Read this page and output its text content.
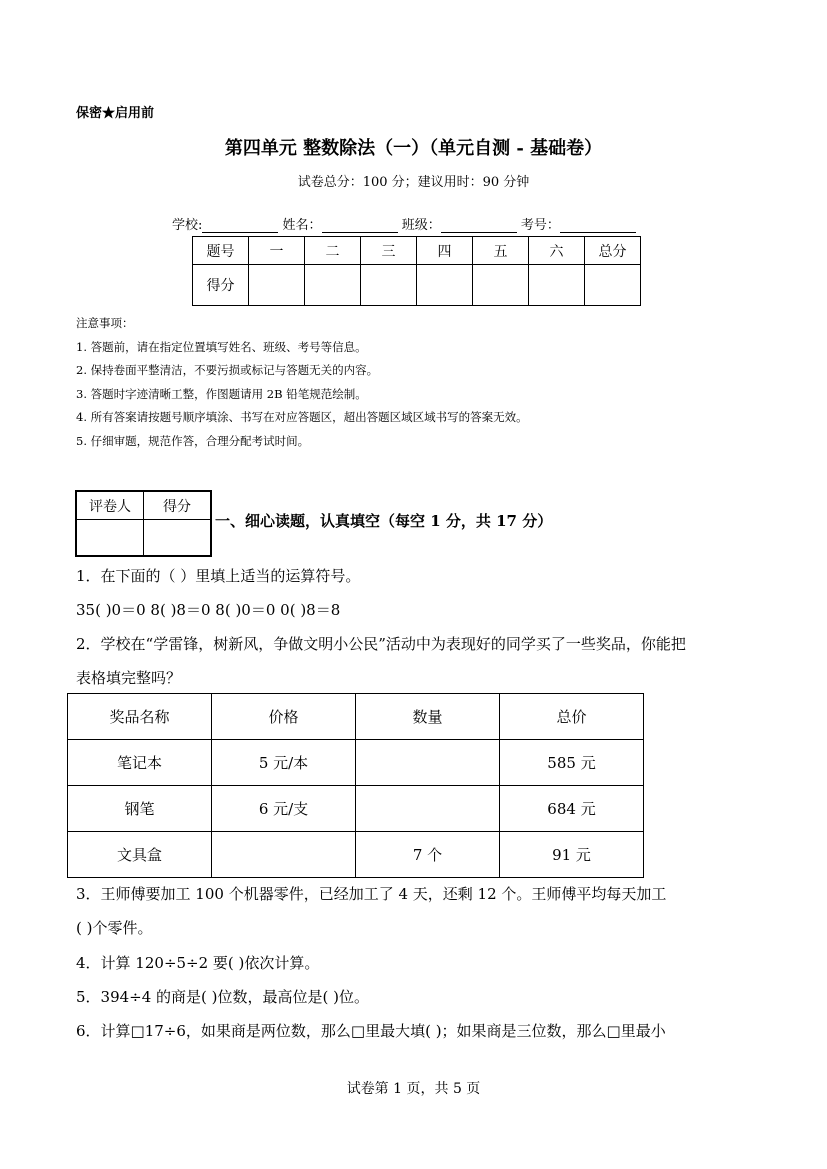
保密★启用前
第四单元 整数除法（一）（单元自测 - 基础卷）
试卷总分：100 分；建议用时：90 分钟
学校:	姓名：	班级：	考号：
题号	一	二	三	四	五	六	总分
得分							
注意事项：
1. 答题前，请在指定位置填写姓名、班级、考号等信息。
2. 保持卷面平整清洁，不要污损或标记与答题无关的内容。
3. 答题时字迹清晰工整，作图题请用 2B 铅笔规范绘制。
4. 所有答案请按题号顺序填涂、书写在对应答题区，超出答题区域区域书写的答案无效。
5. 仔细审题，规范作答，合理分配考试时间。
评卷人	得分

一、细心读题，认真填空（每空 1 分，共 17 分）
1．在下面的（ ）里填上适当的运算符号。
35( )0＝0 8( )8＝0 8( )0＝0 0( )8＝8
2．学校在“学雷锋，树新风，争做文明小公民”活动中为表现好的同学买了一些奖品，你能把
表格填完整吗？
奖品名称	价格	数量	总价
笔记本	5 元/本		585 元
钢笔	6 元/支		684 元
文具盒		7 个	91 元
3．王师傅要加工 100 个机器零件，已经加工了 4 天，还剩 12 个。王师傅平均每天加工
( )个零件。
4．计算 120÷5÷2 要( )依次计算。
5．394÷4 的商是( )位数，最高位是( )位。
6．计算□17÷6，如果商是两位数，那么□里最大填( )；如果商是三位数，那么□里最小
试卷第 1 页，共 5 页
